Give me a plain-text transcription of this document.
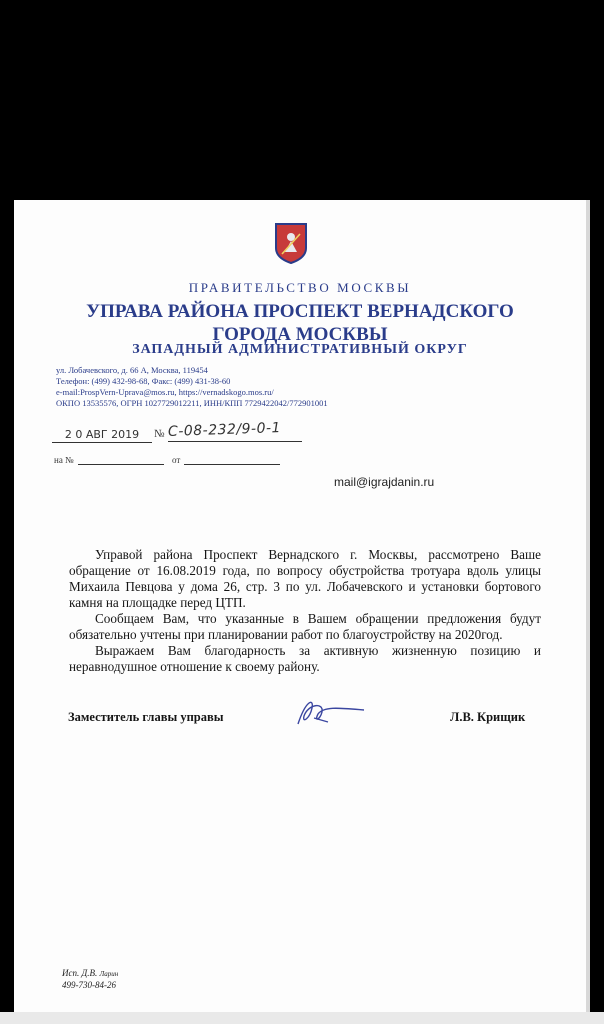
ПРАВИТЕЛЬСТВО МОСКВЫ
УПРАВА РАЙОНА ПРОСПЕКТ ВЕРНАДСКОГО
ГОРОДА МОСКВЫ
ЗАПАДНЫЙ АДМИНИСТРАТИВНЫЙ ОКРУГ
ул. Лобачевского, д. 66 А, Москва, 119454
Телефон: (499) 432-98-68, Факс: (499) 431-38-60
e-mail:ProspVern-Uprava@mos.ru, https://vernadskogo.mos.ru/
ОКПО 13535576, ОГРН 1027729012211, ИНН/КПП 7729422042/772901001
2 0 АВГ 2019	№ С-08-232/9-0-1
на №	от
mail@igrajdanin.ru

Управой района Проспект Вернадского г. Москвы, рассмотрено Ваше обращение от 16.08.2019 года, по вопросу обустройства тротуара вдоль улицы Михаила Певцова у дома 26, стр. 3 по ул. Лобачевского и установки бортового камня на площадке перед ЦТП.

Сообщаем Вам, что указанные в Вашем обращении предложения будут обязательно учтены при планировании работ по благоустройству на 2020год.

Выражаем Вам благодарность за активную жизненную позицию и неравнодушное отношение к своему району.

Заместитель главы управы	Л.В. Крищик
Исп. Д.В. Ларин
499-730-84-26
